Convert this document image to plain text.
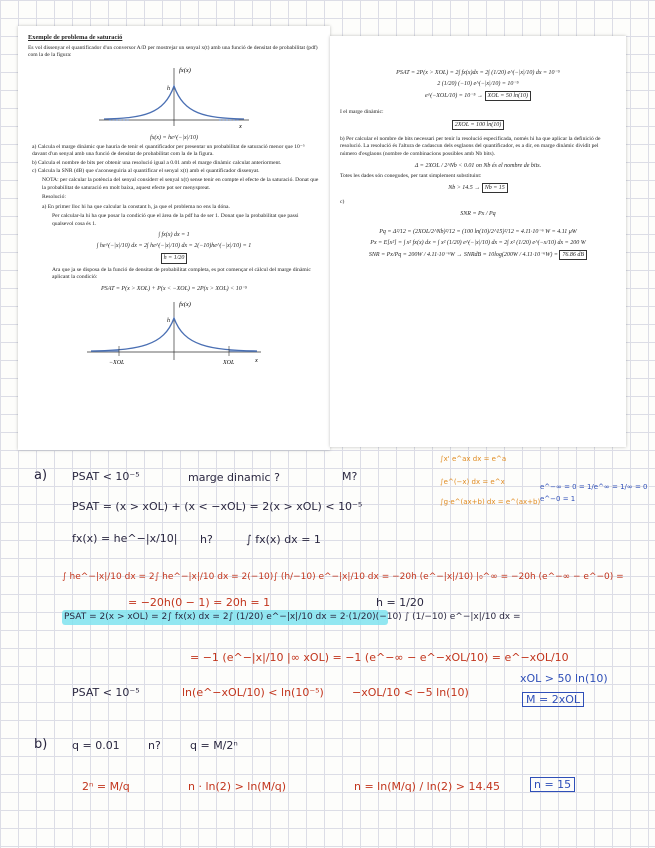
Exemple de problema de saturació
Es vol dissenyar el quantificador d'un conversor A/D per mostrejar un senyal x(t) amb una funció de densitat de probabilitat (pdf) com la de la figura:
fx(x)
h
x
fx(x) = he^(−|x|/10)
a) Calcula el marge dinàmic que hauria de tenir el quantificador per presentar un probabilitat de saturació menor que 10⁻⁵ davant d'un senyal amb una funció de densitat de probabilitat com la de la figura.
b) Calcula el nombre de bits per obtenir una resolució igual a 0.01 amb el marge dinàmic calculat anteriorment.
c) Calcula la SNR (dB) que s'aconseguiria al quantificar el senyal x(t) amb el quantificador dissenyat.
NOTA: per calcular la potència del senyal considerr el senyal x(t) sense tenir en compte el efecte de la saturació. Donat que la probabilitat de saturació en molt baixa, aquest efecte pot ser menyspreat.
Resolució:
a) En primer lloc hi ha que calcular la constant h, ja que el problema no ens la dóna.
Per calcular-la hi ha que posar la condició que el àrea de la pdf ha de ser 1. Donat que la probabilitat que passi qualsevol cosa és 1.
∫ fx(x) dx = 1
∫ he^(−|x|/10) dx = 2∫ he^(−|x|/10) dx = 2(−10)he^(−|x|/10) = 1
h = 1/20
Ara que ja se disposa de la funció de densitat de probabilitat completa, es pot començar el càlcul del marge dinàmic aplicant la condició:
PSAT = P(x > XOL) + P(x < −XOL) = 2P(x > XOL) < 10⁻⁵
fx(x)
h
−XOL	XOL	x
PSAT = 2P(x > XOL) = 2∫ fx(x)dx = 2∫ (1/20) e^(−|x|/10) dx = 10⁻⁵
2 (1/20) (−10) e^(−|x|/10) = 10⁻⁵
e^(−XOL/10) = 10⁻⁵ → XOL = 50 ln(10)
I el marge dinàmic:
2XOL = 100 ln(10)
b) Per calcular el nombre de bits necessari per tenir la resolució especificada, només hi ha que aplicar la definició de resolució. La resolució és l'altura de cadascun dels esglaons del quantificador, es a dir, en marge dinàmic dividit pel número d'esglaons (nombre de combinacions possibles amb Nb bits).
Δ = 2XOL / 2^Nb < 0.01 on Nb és el nombre de bits.
Totes les dades són conegudes, per tant simplement substituint:
Nb > 14.5 → Nb = 15
c)
SNR = Px / Pq
Pq = Δ²/12 = (2XOL/2^Nb)²/12 = (100 ln(10)/2^15)²/12 = 4.11·10⁻⁶ W = 4.11 μW
Px = E[x²] = ∫ x² fx(x) dx = ∫ x² (1/20) e^(−|x|/10) dx = 2∫ x² (1/20) e^(−x/10) dx = 200 W
SNR = Px/Pq = 200W / 4.11·10⁻⁶W → SNRdB = 10log(200W / 4.11·10⁻⁶W) = 76.86 dB
a) PSAT < 10⁻⁵	marge dinamic ?	M?
∫x' e^ax dx = e^a
∫e^(−x) dx = e^x
∫g·e^(ax+b) dx = e^(ax+b)
e^−∞ = 0 = 1/e^∞ = 1/∞ = 0
e^−0 = 1
PSAT = (x > xOL) + (x < −xOL) = 2(x > xOL) < 10⁻⁵
fx(x) = he^−|x/10| h?	∫ fx(x) dx = 1
∫ he^−|x|/10 dx = 2∫ he^−|x|/10 dx = 2(−10)∫ (h/−10) e^−|x|/10 dx = −20h (e^−|x|/10) |₀^∞ = −20h (e^−∞ − e^−0) =
= −20h(0 − 1) = 20h = 1	h = 1/20
PSAT = 2(x > xOL) = 2∫ fx(x) dx = 2∫ (1/20) e^−|x|/10 dx = 2·(1/20)(−10) ∫ (1/−10) e^−|x|/10 dx =
= −1 (e^−|x|/10 |∞ xOL) = −1 (e^−∞ − e^−xOL/10) = e^−xOL/10
PSAT < 10⁻⁵	ln(e^−xOL/10) < ln(10⁻⁵)	−xOL/10 < −5 ln(10)
xOL > 50 ln(10)
M = 2xOL
b) q = 0.01	n?	q = M/2ⁿ
2ⁿ = M/q	n · ln(2) > ln(M/q)	n = ln(M/q) / ln(2) > 14.45	n = 15
